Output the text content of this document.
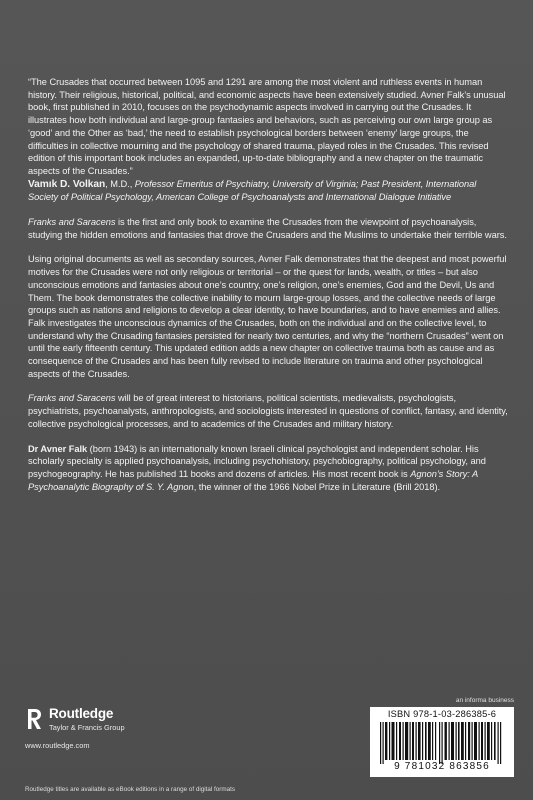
“The Crusades that occurred between 1095 and 1291 are among the most violent and ruthless events in human history. Their religious, historical, political, and economic aspects have been extensively studied. Avner Falk’s unusual book, first published in 2010, focuses on the psychodynamic aspects involved in carrying out the Crusades. It illustrates how both individual and large-group fantasies and behaviors, such as perceiving our own large group as ‘good’ and the Other as ‘bad,’ the need to establish psychological borders between ‘enemy’ large groups, the difficulties in collective mourning and the psychology of shared trauma, played roles in the Crusades. This revised edition of this important book includes an expanded, up-to-date bibliography and a new chapter on the traumatic aspects of the Crusades.”

Vamık D. Volkan, M.D., Professor Emeritus of Psychiatry, University of Virginia; Past President, International Society of Political Psychology, American College of Psychoanalysts and International Dialogue Initiative

Franks and Saracens is the first and only book to examine the Crusades from the viewpoint of psychoanalysis, studying the hidden emotions and fantasies that drove the Crusaders and the Muslims to undertake their terrible wars.

Using original documents as well as secondary sources, Avner Falk demonstrates that the deepest and most powerful motives for the Crusades were not only religious or territorial – or the quest for lands, wealth, or titles – but also unconscious emotions and fantasies about one’s country, one’s religion, one’s enemies, God and the Devil, Us and Them. The book demonstrates the collective inability to mourn large-group losses, and the collective needs of large groups such as nations and religions to develop a clear identity, to have boundaries, and to have enemies and allies. Falk investigates the unconscious dynamics of the Crusades, both on the individual and on the collective level, to understand why the Crusading fantasies persisted for nearly two centuries, and why the “northern Crusades” went on until the early fifteenth century. This updated edition adds a new chapter on collective trauma both as cause and as consequence of the Crusades and has been fully revised to include literature on trauma and other psychological aspects of the Crusades.

Franks and Saracens will be of great interest to historians, political scientists, medievalists, psychologists, psychiatrists, psychoanalysts, anthropologists, and sociologists interested in questions of conflict, fantasy, and identity, collective psychological processes, and to academics of the Crusades and military history.

Dr Avner Falk (born 1943) is an internationally known Israeli clinical psychologist and independent scholar. His scholarly specialty is applied psychoanalysis, including psychohistory, psychobiography, political psychology, and psychogeography. He has published 11 books and dozens of articles. His most recent book is Agnon’s Story: A Psychoanalytic Biography of S. Y. Agnon, the winner of the 1966 Nobel Prize in Literature (Brill 2018).

Routledge
Taylor & Francis Group
www.routledge.com
an informa business
ISBN 978-1-03-286385-6
9 781032 863856
Routledge titles are available as eBook editions in a range of digital formats
